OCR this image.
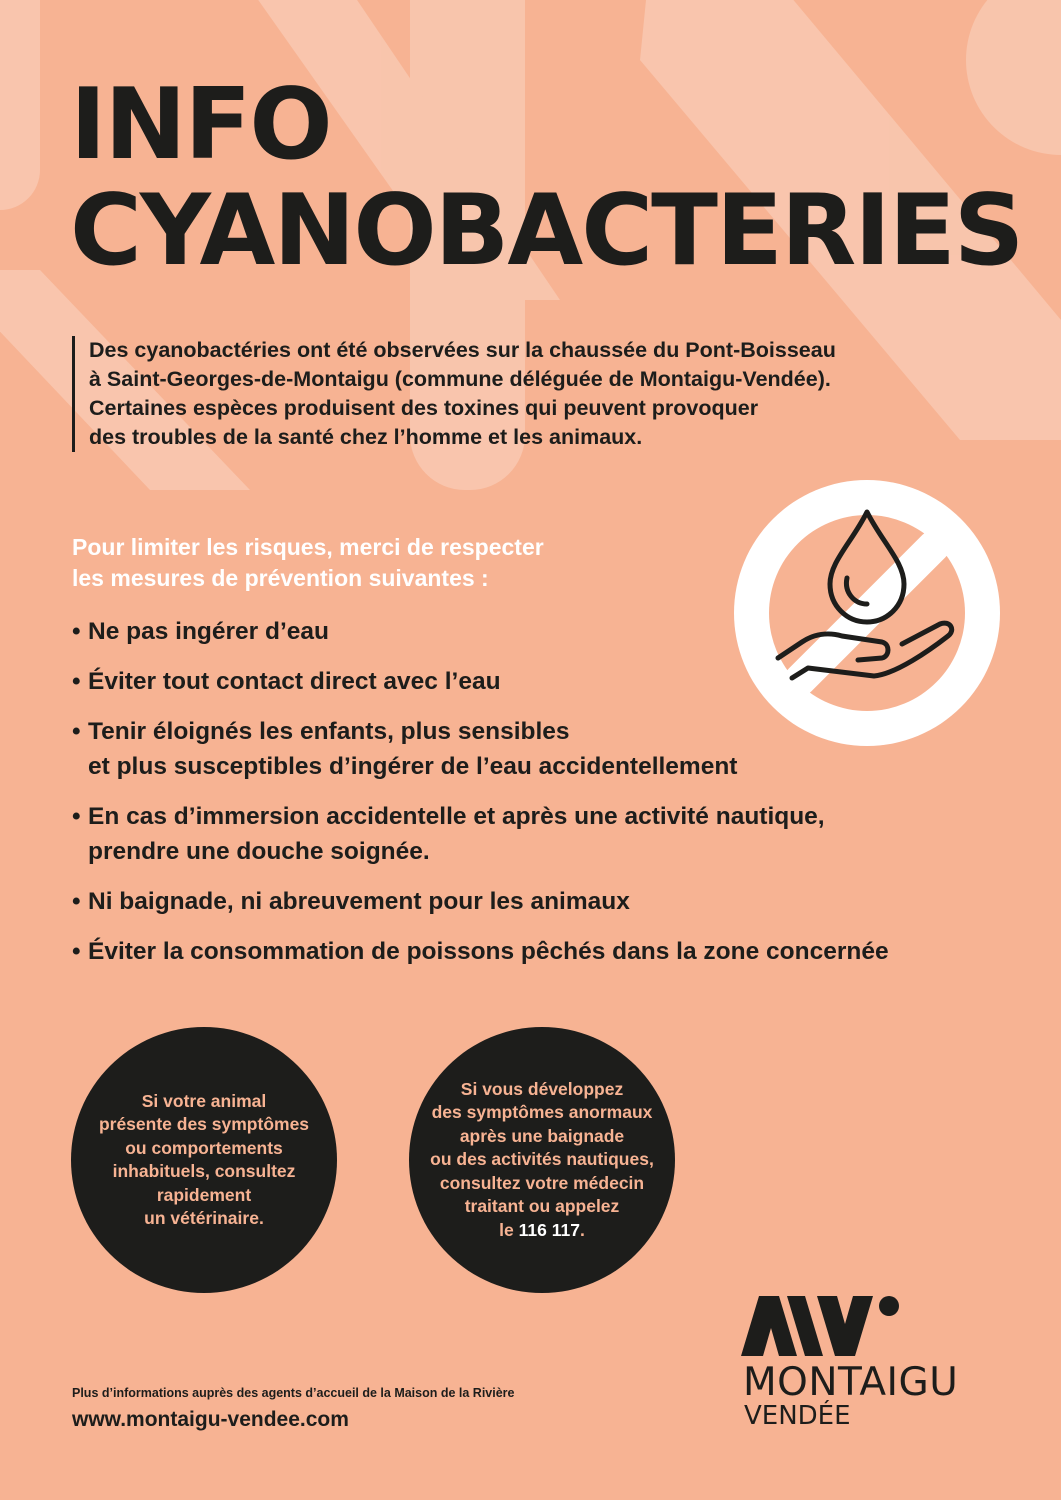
INFO
CYANOBACTERIES
Des cyanobactéries ont été observées sur la chaussée du Pont-Boisseau
à Saint-Georges-de-Montaigu (commune déléguée de Montaigu-Vendée).
Certaines espèces produisent des toxines qui peuvent provoquer
des troubles de la santé chez l’homme et les animaux.
Pour limiter les risques, merci de respecter
les mesures de prévention suivantes :
• Ne pas ingérer d’eau
• Éviter tout contact direct avec l’eau
• Tenir éloignés les enfants, plus sensibles
et plus susceptibles d’ingérer de l’eau accidentellement
• En cas d’immersion accidentelle et après une activité nautique,
prendre une douche soignée.
• Ni baignade, ni abreuvement pour les animaux
• Éviter la consommation de poissons pêchés dans la zone concernée
Si votre animal
présente des symptômes
ou comportements
inhabituels, consultez
rapidement
un vétérinaire.
Si vous développez
des symptômes anormaux
après une baignade
ou des activités nautiques,
consultez votre médecin
traitant ou appelez
le 116 117.
MONTAIGU
VENDÉE
Plus d’informations auprès des agents d’accueil de la Maison de la Rivière
www.montaigu-vendee.com
